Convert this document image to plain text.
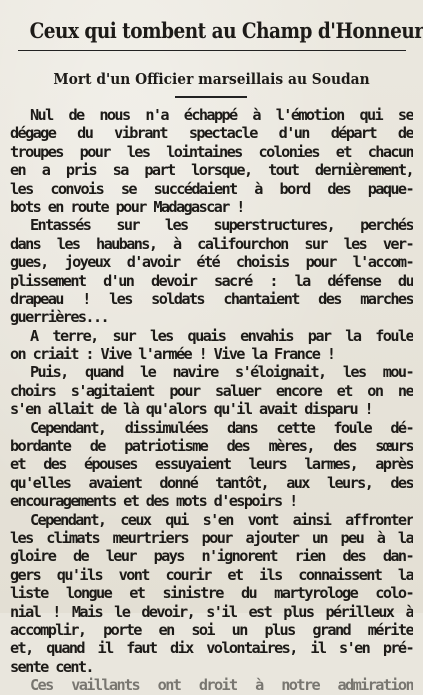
Ceux qui tombent au Champ d'Honneur
Mort d'un Officier marseillais au Soudan
Nul de nous n'a échappé à l'émotion qui se
dégage du vibrant spectacle d'un départ de
troupes pour les lointaines colonies et chacun
en a pris sa part lorsque, tout dernièrement,
les convois se succédaient à bord des paque-
bots en route pour Madagascar !
Entassés sur les superstructures, perchés
dans les haubans, à califourchon sur les ver-
gues, joyeux d'avoir été choisis pour l'accom-
plissement d'un devoir sacré : la défense du
drapeau ! les soldats chantaient des marches
guerrières...
A terre, sur les quais envahis par la foule
on criait : Vive l'armée ! Vive la France !
Puis, quand le navire s'éloignait, les mou-
choirs s'agitaient pour saluer encore et on ne
s'en allait de là qu'alors qu'il avait disparu !
Cependant, dissimulées dans cette foule dé-
bordante de patriotisme des mères, des sœurs
et des épouses essuyaient leurs larmes, après
qu'elles avaient donné tantôt, aux leurs, des
encouragements et des mots d'espoirs !
Cependant, ceux qui s'en vont ainsi affronter
les climats meurtriers pour ajouter un peu à la
gloire de leur pays n'ignorent rien des dan-
gers qu'ils vont courir et ils connaissent la
liste longue et sinistre du martyrologe colo-
nial ! Mais le devoir, s'il est plus périlleux à
accomplir, porte en soi un plus grand mérite
et, quand il faut dix volontaires, il s'en pré-
sente cent.
Ces vaillants ont droit à notre admiration
